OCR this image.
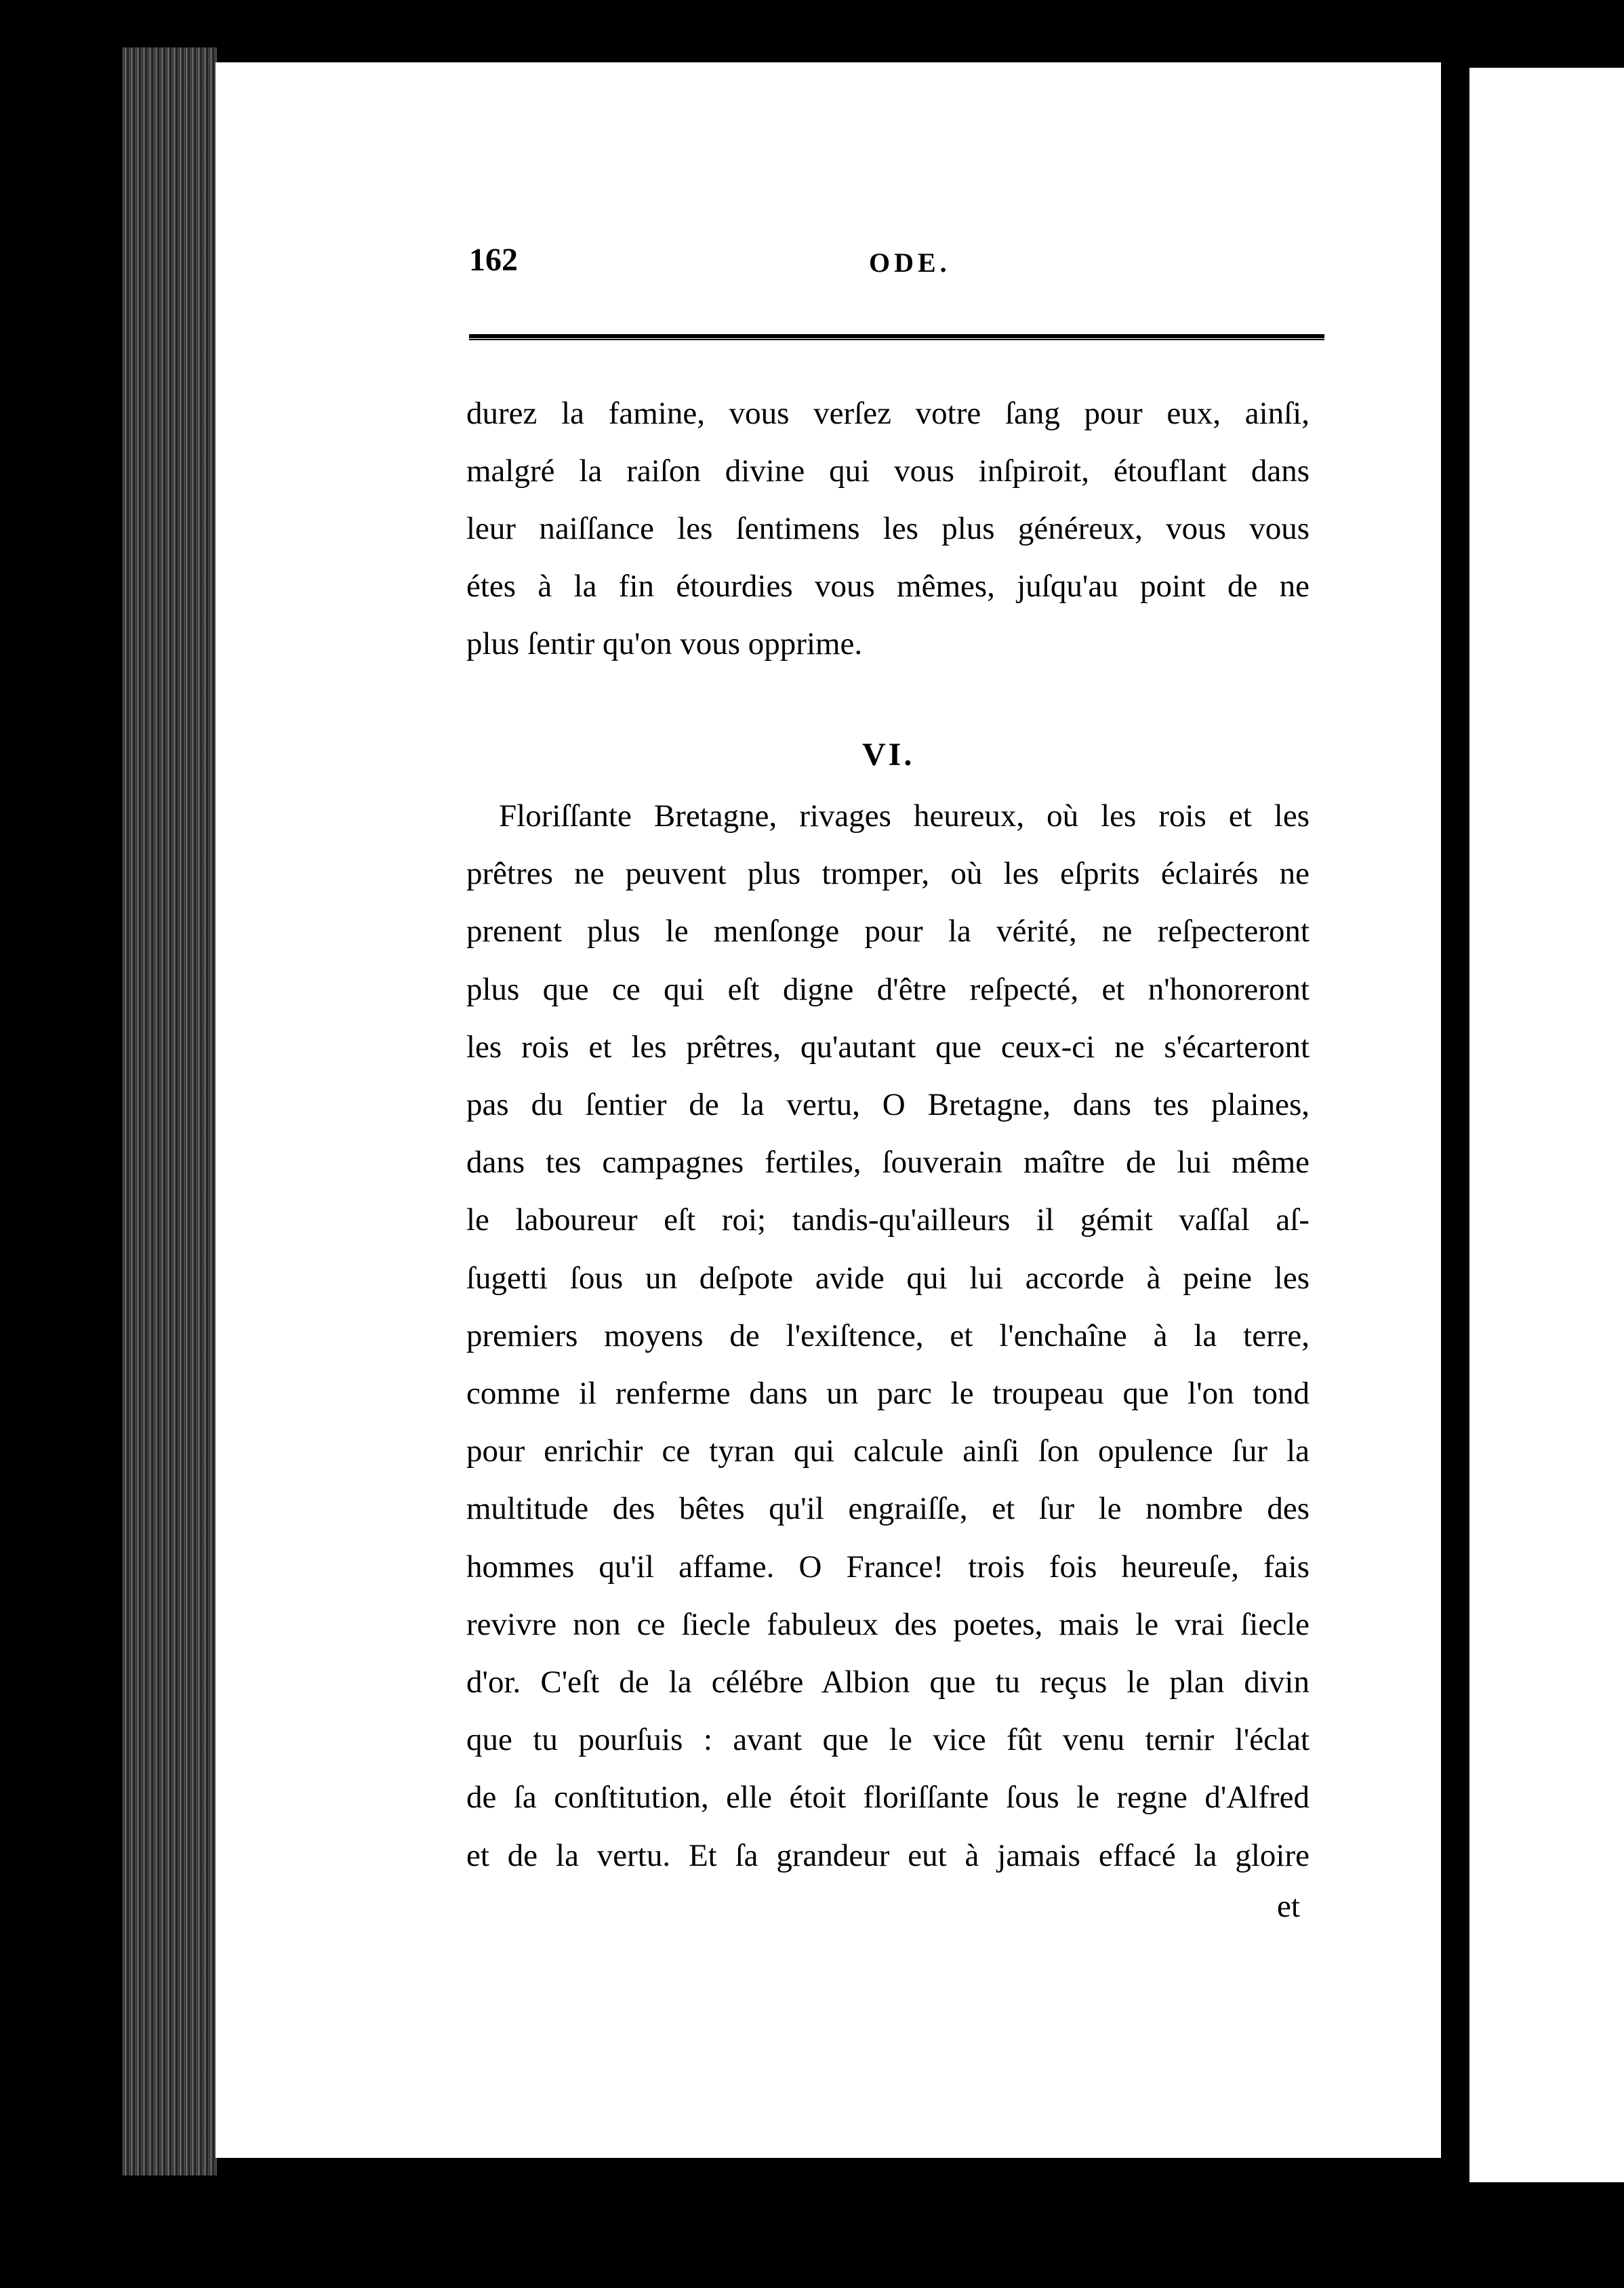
162	ODE.
durez la famine, vous verſez votre ſang pour eux, ainſi,
malgré la raiſon divine qui vous inſpiroit, étouflant dans
leur naiſſance les ſentimens les plus généreux, vous vous
étes à la fin étourdies vous mêmes, juſqu'au point de ne
plus ſentir qu'on vous opprime.
VI.
Floriſſante Bretagne, rivages heureux, où les rois et les
prêtres ne peuvent plus tromper, où les eſprits éclairés ne
prenent plus le menſonge pour la vérité, ne reſpecteront
plus que ce qui eſt digne d'être reſpecté, et n'honoreront
les rois et les prêtres, qu'autant que ceux-ci ne s'écarteront
pas du ſentier de la vertu, O Bretagne, dans tes plaines,
dans tes campagnes fertiles, ſouverain maître de lui même
le laboureur eſt roi; tandis-qu'ailleurs il gémit vaſſal aſ-
ſugetti ſous un deſpote avide qui lui accorde à peine les
premiers moyens de l'exiſtence, et l'enchaîne à la terre,
comme il renferme dans un parc le troupeau que l'on tond
pour enrichir ce tyran qui calcule ainſi ſon opulence ſur la
multitude des bêtes qu'il engraiſſe, et ſur le nombre des
hommes qu'il affame. O France! trois fois heureuſe, fais
revivre non ce ſiecle fabuleux des poetes, mais le vrai ſiecle
d'or. C'eſt de la célébre Albion que tu reçus le plan divin
que tu pourſuis : avant que le vice fût venu ternir l'éclat
de ſa conſtitution, elle étoit floriſſante ſous le regne d'Alfred
et de la vertu. Et ſa grandeur eut à jamais effacé la gloire
et
